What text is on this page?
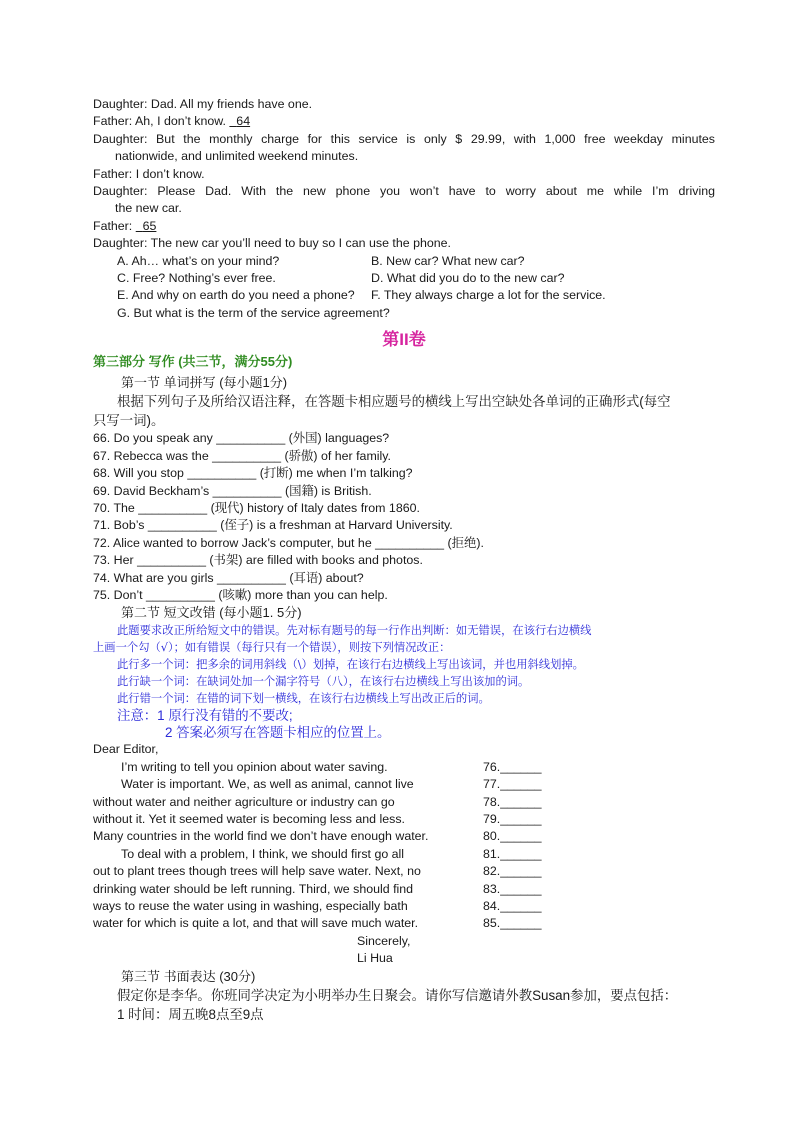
Daughter: Dad. All my friends have one.
Father: Ah, I don’t know.   64
Daughter: But the monthly charge for this service is only $ 29.99, with 1,000 free weekday minutes
nationwide, and unlimited weekend minutes.
Father: I don’t know.
Daughter: Please Dad. With the new phone you won’t have to worry about me while I’m driving
the new car.
Father: 65
Daughter: The new car you’ll need to buy so I can use the phone.
A. Ah… what’s on your mind?	B. New car? What new car?
C. Free? Nothing’s ever free.	D. What did you do to the new car?
E. And why on earth do you need a phone?	F. They always charge a lot for the service.
G. But what is the term of the service agreement?
第II卷
第三部分 写作 (共三节，满分55分)
第一节 单词拼写 (每小题1分)
根据下列句子及所给汉语注释，在答题卡相应题号的横线上写出空缺处各单词的正确形式(每空
只写一词)。
66. Do you speak any __________ (外国) languages?
67. Rebecca was the __________ (骄傲) of her family.
68. Will you stop __________ (打断) me when I’m talking?
69. David Beckham’s __________ (国籍) is British.
70. The __________ (现代) history of Italy dates from 1860.
71. Bob’s __________ (侄子) is a freshman at Harvard University.
72. Alice wanted to borrow Jack’s computer, but he __________ (拒绝).
73. Her __________ (书架) are filled with books and photos.
74. What are you girls __________ (耳语) about?
75. Don’t __________ (咳嗽) more than you can help.
第二节 短文改错 (每小题1. 5分)
此题要求改正所给短文中的错误。先对标有题号的每一行作出判断：如无错误，在该行右边横线
上画一个勾（√）；如有错误（每行只有一个错误），则按下列情况改正：
此行多一个词：把多余的词用斜线（\）划掉，在该行右边横线上写出该词，并也用斜线划掉。
此行缺一个词：在缺词处加一个漏字符号（八），在该行右边横线上写出该加的词。
此行错一个词：在错的词下划一横线，在该行右边横线上写出改正后的词。
注意：1 原行没有错的不要改;
2 答案必须写在答题卡相应的位置上。
Dear Editor,
I’m writing to tell you opinion about water saving.	76.______
Water is important. We, as well as animal, cannot live	77.______
without water and neither agriculture or industry can go	78.______
without it. Yet it seemed water is becoming less and less.	79.______
Many countries in the world find we don’t have enough water.	80.______
To deal with a problem, I think, we should first go all	81.______
out to plant trees though trees will help save water. Next, no	82.______
drinking water should be left running. Third, we should find	83.______
ways to reuse the water using in washing, especially bath	84.______
water for which is quite a lot, and that will save much water.	85.______
Sincerely,
Li Hua
第三节 书面表达 (30分)
假定你是李华。你班同学决定为小明举办生日聚会。请你写信邀请外教Susan参加，要点包括：
1 时间：周五晚8点至9点
